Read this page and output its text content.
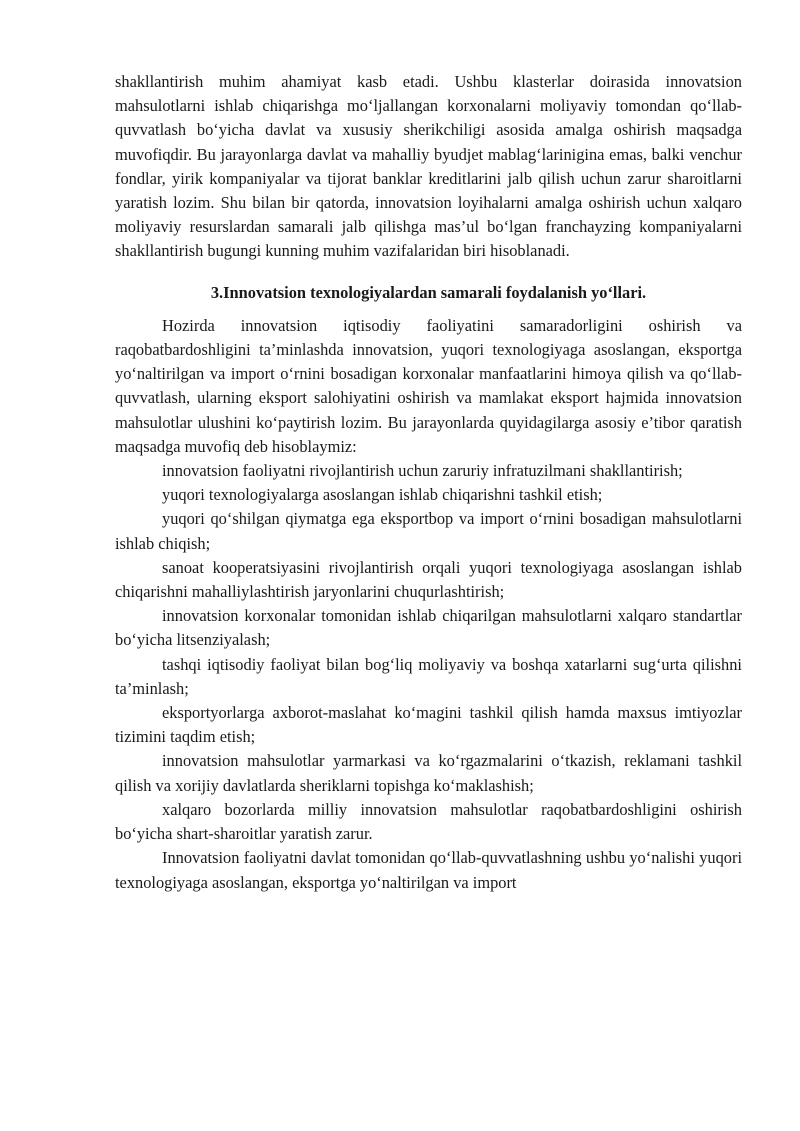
shakllantirish muhim ahamiyat kasb etadi. Ushbu klasterlar doirasida innovatsion mahsulotlarni ishlab chiqarishga mo‘ljallangan korxonalarni moliyaviy tomondan qo‘llab-quvvatlash bo‘yicha davlat va xususiy sherikchiligi asosida amalga oshirish maqsadga muvofiqdir. Bu jarayonlarga davlat va mahalliy byudjet mablag‘larinigina emas, balki venchur fondlar, yirik kompaniyalar va tijorat banklar kreditlarini jalb qilish uchun zarur sharoitlarni yaratish lozim. Shu bilan bir qatorda, innovatsion loyihalarni amalga oshirish uchun xalqaro moliyaviy resurslardan samarali jalb qilishga mas’ul bo‘lgan franchayzing kompaniyalarni shakllantirish bugungi kunning muhim vazifalaridan biri hisoblanadi.

3.Innovatsion texnologiyalardan samarali foydalanish yo‘llari.

Hozirda innovatsion iqtisodiy faoliyatini samaradorligini oshirish va raqobatbardoshligini ta’minlashda innovatsion, yuqori texnologiyaga asoslangan, eksportga yo‘naltirilgan va import o‘rnini bosadigan korxonalar manfaatlarini himoya qilish va qo‘llab-quvvatlash, ularning eksport salohiyatini oshirish va mamlakat eksport hajmida innovatsion mahsulotlar ulushini ko‘paytirish lozim. Bu jarayonlarda quyidagilarga asosiy e’tibor qaratish maqsadga muvofiq deb hisoblaymiz:

innovatsion faoliyatni rivojlantirish uchun zaruriy infratuzilmani shakllantirish;

yuqori texnologiyalarga asoslangan ishlab chiqarishni tashkil etish;

yuqori qo‘shilgan qiymatga ega eksportbop va import o‘rnini bosadigan mahsulotlarni ishlab chiqish;

sanoat kooperatsiyasini rivojlantirish orqali yuqori texnologiyaga asoslangan ishlab chiqarishni mahalliylashtirish jaryonlarini chuqurlashtirish;

innovatsion korxonalar tomonidan ishlab chiqarilgan mahsulotlarni xalqaro standartlar bo‘yicha litsenziyalash;

tashqi iqtisodiy faoliyat bilan bog‘liq moliyaviy va boshqa xatarlarni sug‘urta qilishni ta’minlash;

eksportyorlarga axborot-maslahat ko‘magini tashkil qilish hamda maxsus imtiyozlar tizimini taqdim etish;

innovatsion mahsulotlar yarmarkasi va ko‘rgazmalarini o‘tkazish, reklamani tashkil qilish va xorijiy davlatlarda sheriklarni topishga ko‘maklashish;

xalqaro bozorlarda milliy innovatsion mahsulotlar raqobatbardoshligini oshirish bo‘yicha shart-sharoitlar yaratish zarur.

Innovatsion faoliyatni davlat tomonidan qo‘llab-quvvatlashning ushbu yo‘nalishi yuqori texnologiyaga asoslangan, eksportga yo‘naltirilgan va import
